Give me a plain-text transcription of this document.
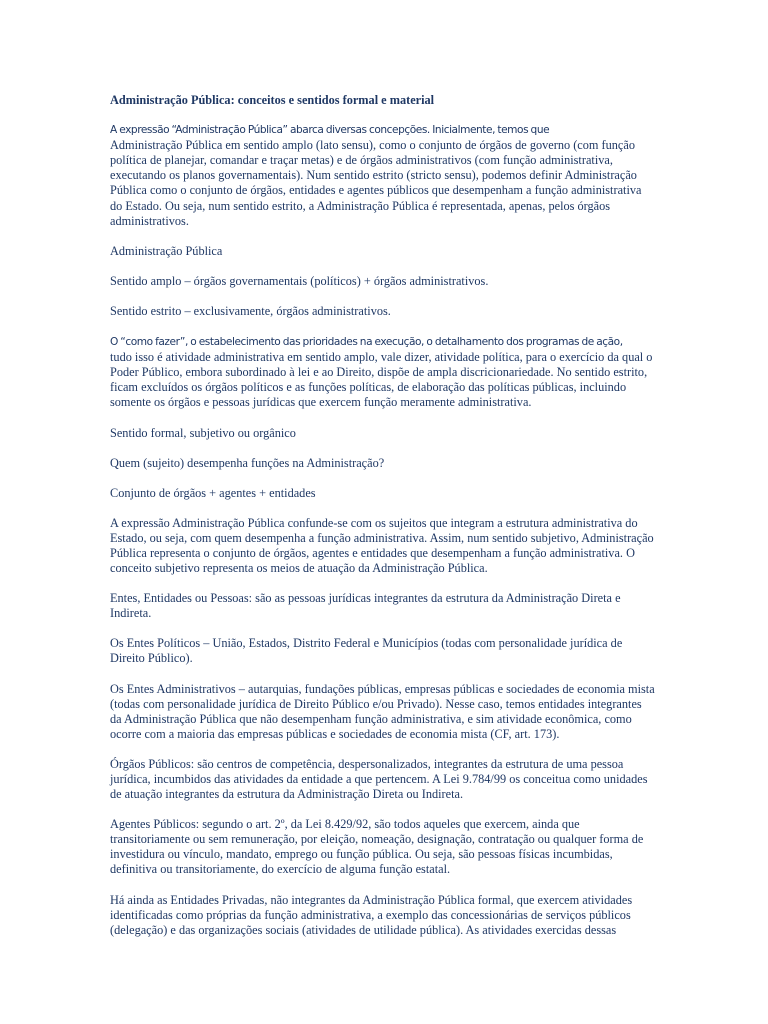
Administração Pública: conceitos e sentidos formal e material
A expressão “Administração Pública” abarca diversas concepções. Inicialmente, temos que
Administração Pública em sentido amplo (lato sensu), como o conjunto de órgãos de governo (com função política de planejar, comandar e traçar metas) e de órgãos administrativos (com função administrativa, executando os planos governamentais). Num sentido estrito (stricto sensu), podemos definir Administração Pública como o conjunto de órgãos, entidades e agentes públicos que desempenham a função administrativa do Estado. Ou seja, num sentido estrito, a Administração Pública é representada, apenas, pelos órgãos administrativos.
Administração Pública
Sentido amplo – órgãos governamentais (políticos) + órgãos administrativos.
Sentido estrito – exclusivamente, órgãos administrativos.
O “como fazer”, o estabelecimento das prioridades na execução, o detalhamento dos programas de ação,
tudo isso é atividade administrativa em sentido amplo, vale dizer, atividade política, para o exercício da qual o Poder Público, embora subordinado à lei e ao Direito, dispõe de ampla discricionariedade. No sentido estrito, ficam excluídos os órgãos políticos e as funções políticas, de elaboração das políticas públicas, incluindo somente os órgãos e pessoas jurídicas que exercem função meramente administrativa.
Sentido formal, subjetivo ou orgânico
Quem (sujeito) desempenha funções na Administração?
Conjunto de órgãos + agentes + entidades
A expressão Administração Pública confunde-se com os sujeitos que integram a estrutura administrativa do Estado, ou seja, com quem desempenha a função administrativa. Assim, num sentido subjetivo, Administração Pública representa o conjunto de órgãos, agentes e entidades que desempenham a função administrativa. O conceito subjetivo representa os meios de atuação da Administração Pública.
Entes, Entidades ou Pessoas: são as pessoas jurídicas integrantes da estrutura da Administração Direta e Indireta.
Os Entes Políticos – União, Estados, Distrito Federal e Municípios (todas com personalidade jurídica de Direito Público).
Os Entes Administrativos – autarquias, fundações públicas, empresas públicas e sociedades de economia mista (todas com personalidade jurídica de Direito Público e/ou Privado). Nesse caso, temos entidades integrantes da Administração Pública que não desempenham função administrativa, e sim atividade econômica, como ocorre com a maioria das empresas públicas e sociedades de economia mista (CF, art. 173).
Órgãos Públicos: são centros de competência, despersonalizados, integrantes da estrutura de uma pessoa jurídica, incumbidos das atividades da entidade a que pertencem. A Lei 9.784/99 os conceitua como unidades de atuação integrantes da estrutura da Administração Direta ou Indireta.
Agentes Públicos: segundo o art. 2º, da Lei 8.429/92, são todos aqueles que exercem, ainda que transitoriamente ou sem remuneração, por eleição, nomeação, designação, contratação ou qualquer forma de investidura ou vínculo, mandato, emprego ou função pública. Ou seja, são pessoas físicas incumbidas, definitiva ou transitoriamente, do exercício de alguma função estatal.
Há ainda as Entidades Privadas, não integrantes da Administração Pública formal, que exercem atividades identificadas como próprias da função administrativa, a exemplo das concessionárias de serviços públicos (delegação) e das organizações sociais (atividades de utilidade pública). As atividades exercidas dessas
